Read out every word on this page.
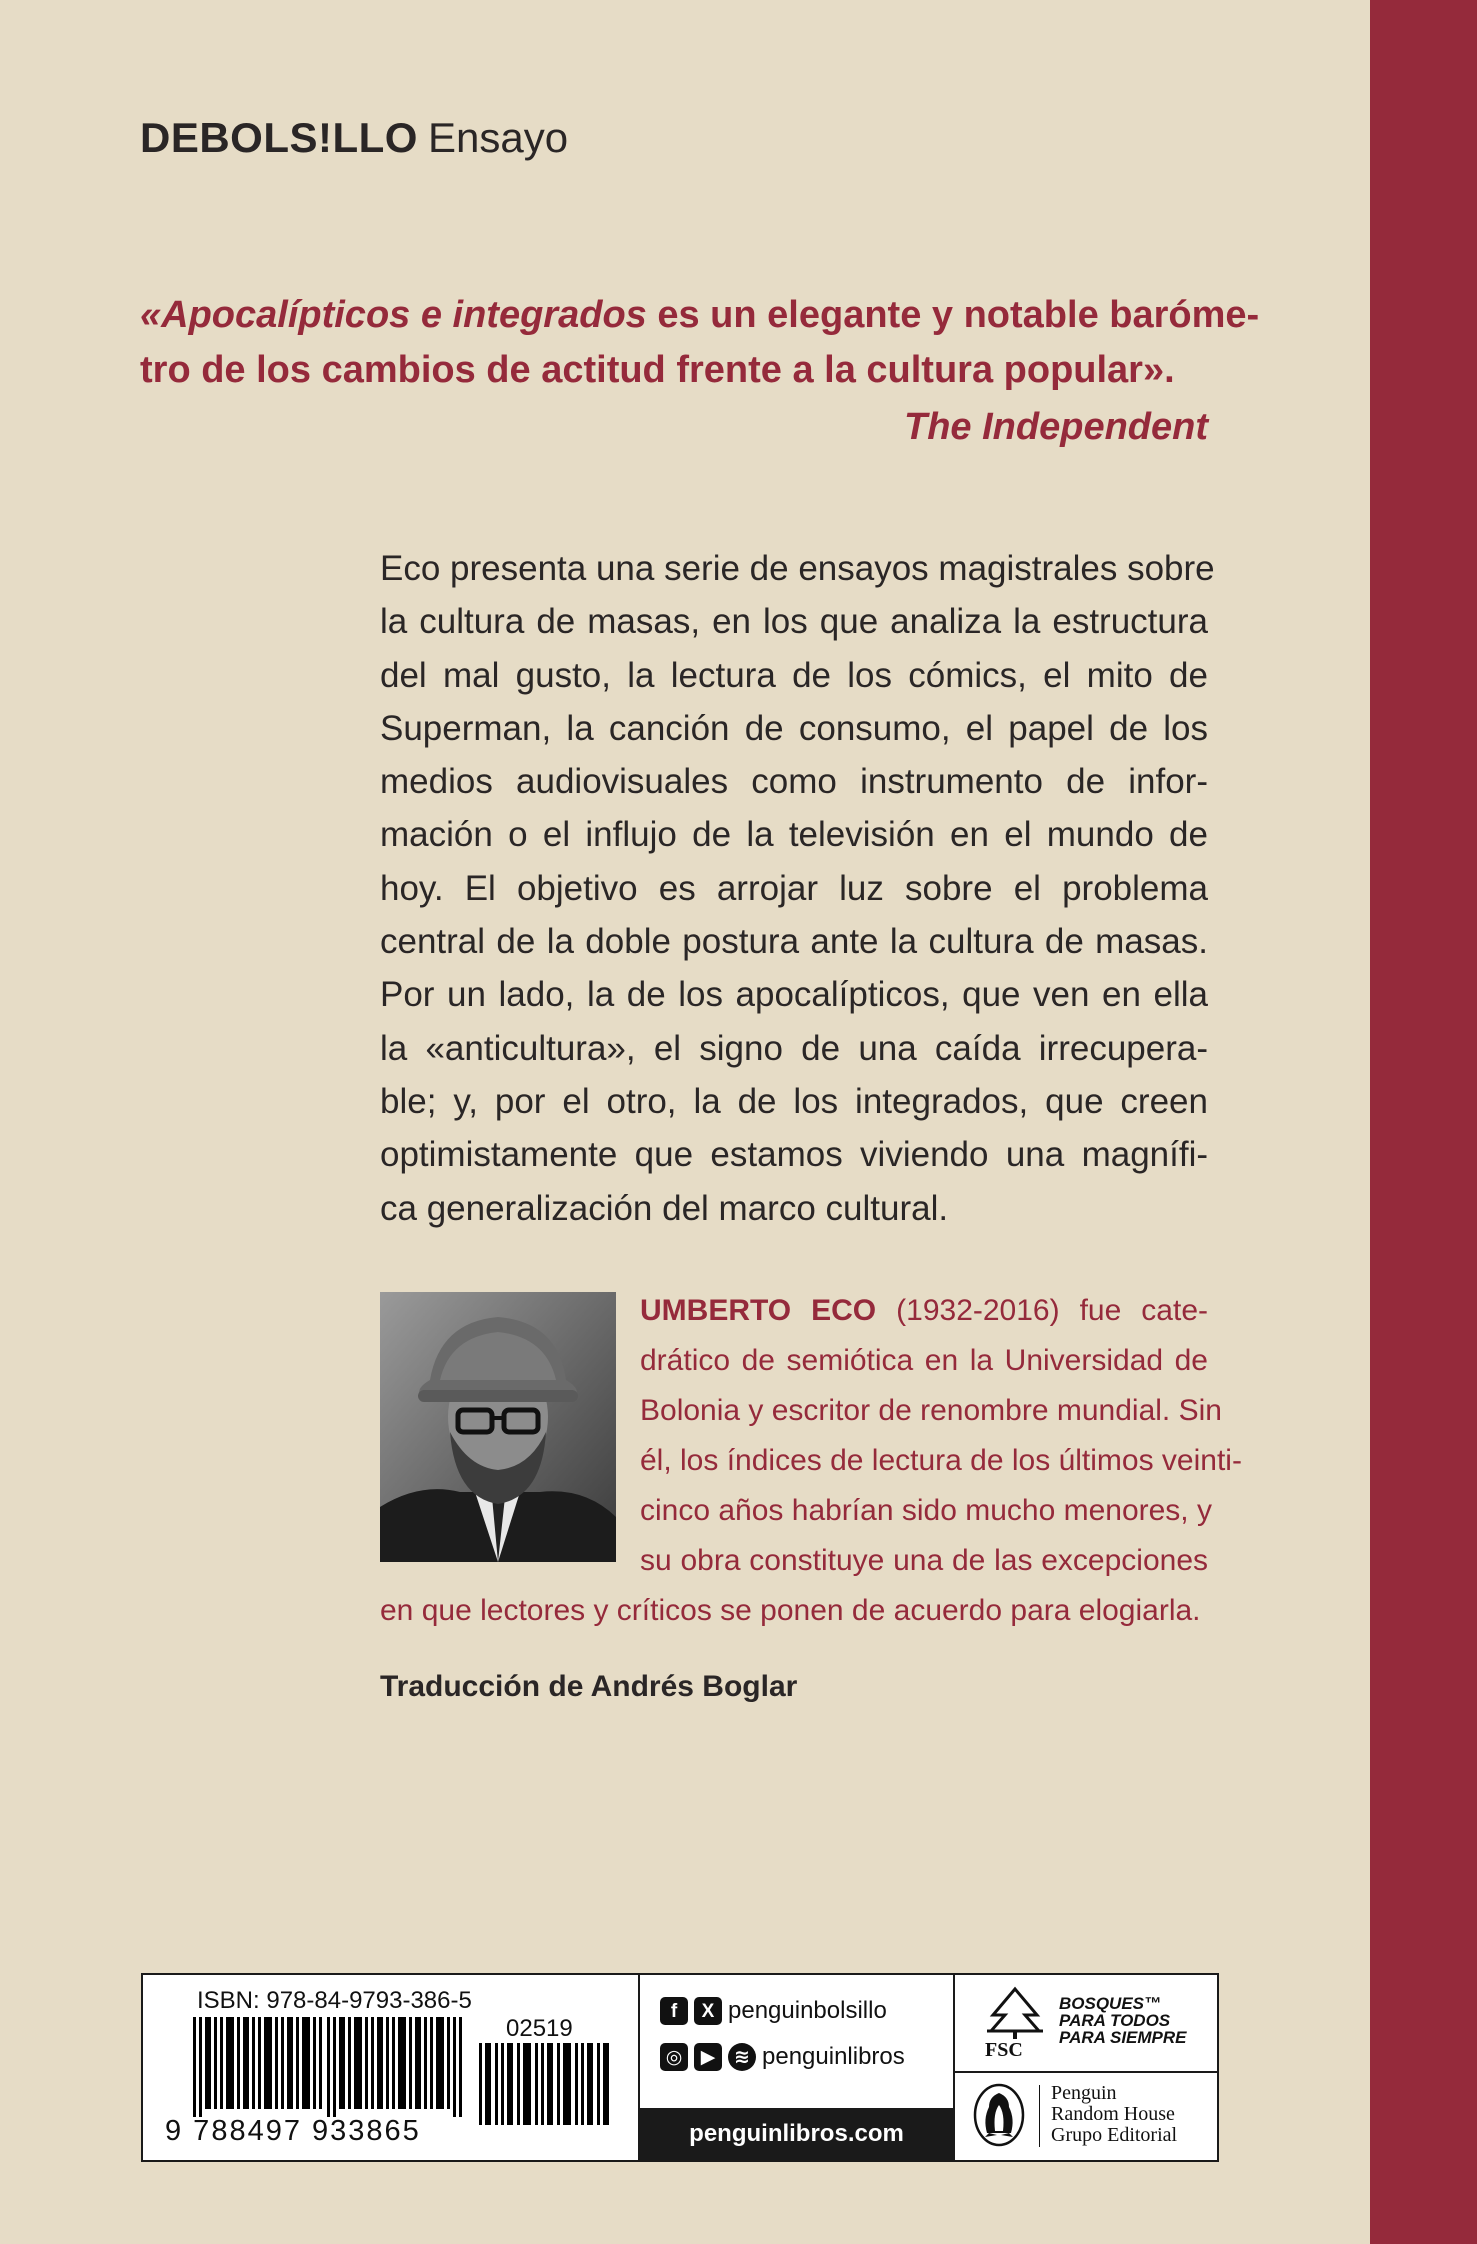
DEBOLS!LLO Ensayo
«Apocalípticos e integrados es un elegante y notable baróme-
tro de los cambios de actitud frente a la cultura popular».
The Independent
Eco presenta una serie de ensayos magistrales sobre
la cultura de masas, en los que analiza la estructura
del mal gusto, la lectura de los cómics, el mito de
Superman, la canción de consumo, el papel de los
medios audiovisuales como instrumento de infor-
mación o el influjo de la televisión en el mundo de
hoy. El objetivo es arrojar luz sobre el problema
central de la doble postura ante la cultura de masas.
Por un lado, la de los apocalípticos, que ven en ella
la «anticultura», el signo de una caída irrecupera-
ble; y, por el otro, la de los integrados, que creen
optimistamente que estamos viviendo una magnífi-
ca generalización del marco cultural.
UMBERTO ECO (1932-2016) fue cate-
drático de semiótica en la Universidad de
Bolonia y escritor de renombre mundial. Sin
él, los índices de lectura de los últimos veinti-
cinco años habrían sido mucho menores, y
su obra constituye una de las excepciones
en que lectores y críticos se ponen de acuerdo para elogiarla.
Traducción de Andrés Boglar
ISBN: 978-84-9793-386-5
02519
9 788497 933865
f	X penguinbolsillo
◎ ▶ ≋ penguinlibros
penguinlibros.com
FSC
BOSQUES™
PARA TODOS
PARA SIEMPRE
Penguin
Random House
Grupo Editorial
